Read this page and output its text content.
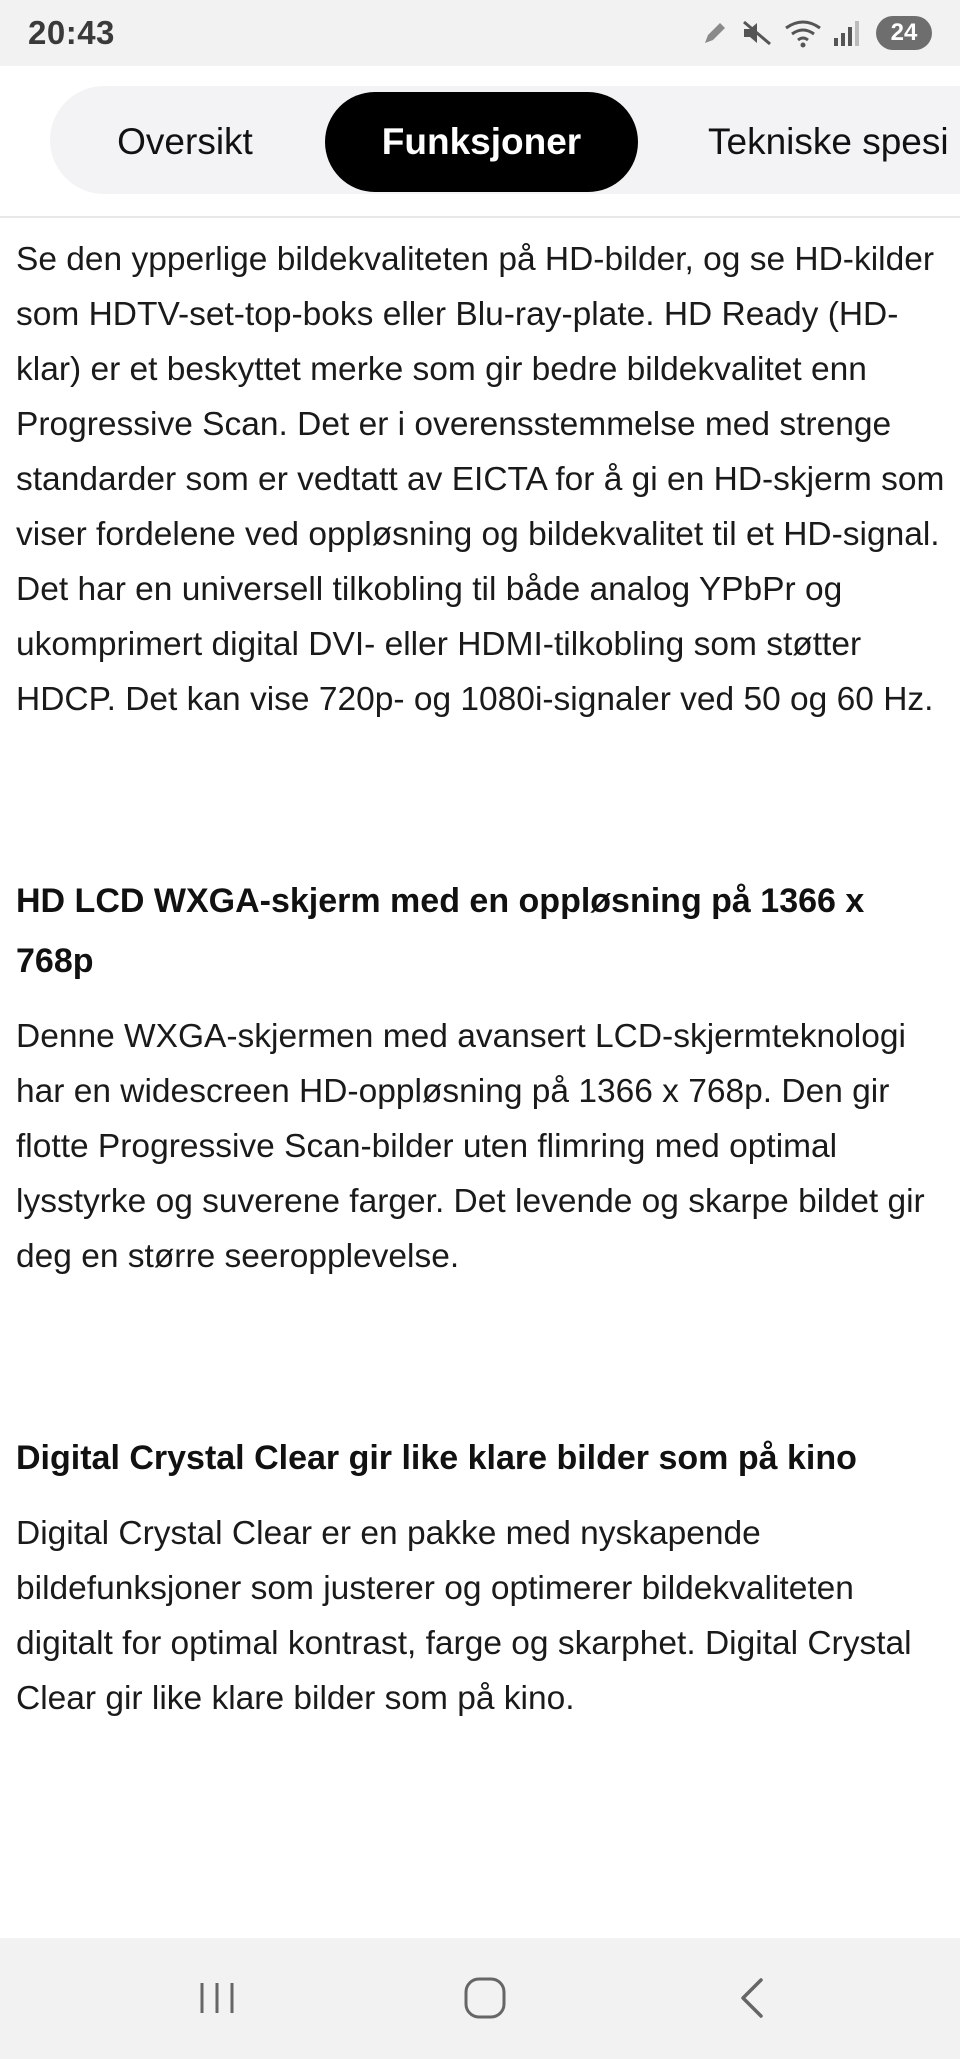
20:43	24
Oversikt	Funksjoner	Tekniske spesi

Se den ypperlige bildekvaliteten på HD-bilder, og se HD-kilder som HDTV-set-top-boks eller Blu-ray-plate. HD Ready (HD-klar) er et beskyttet merke som gir bedre bildekvalitet enn Progressive Scan. Det er i overensstemmelse med strenge standarder som er vedtatt av EICTA for å gi en HD-skjerm som viser fordelene ved oppløsning og bildekvalitet til et HD-signal. Det har en universell tilkobling til både analog YPbPr og ukomprimert digital DVI- eller HDMI-tilkobling som støtter HDCP. Det kan vise 720p- og 1080i-signaler ved 50 og 60 Hz.

HD LCD WXGA-skjerm med en oppløsning på 1366 x 768p

Denne WXGA-skjermen med avansert LCD-skjermteknologi har en widescreen HD-oppløsning på 1366 x 768p. Den gir flotte Progressive Scan-bilder uten flimring med optimal lysstyrke og suverene farger. Det levende og skarpe bildet gir deg en større seeropplevelse.

Digital Crystal Clear gir like klare bilder som på kino

Digital Crystal Clear er en pakke med nyskapende bildefunksjoner som justerer og optimerer bildekvaliteten digitalt for optimal kontrast, farge og skarphet. Digital Crystal Clear gir like klare bilder som på kino.
